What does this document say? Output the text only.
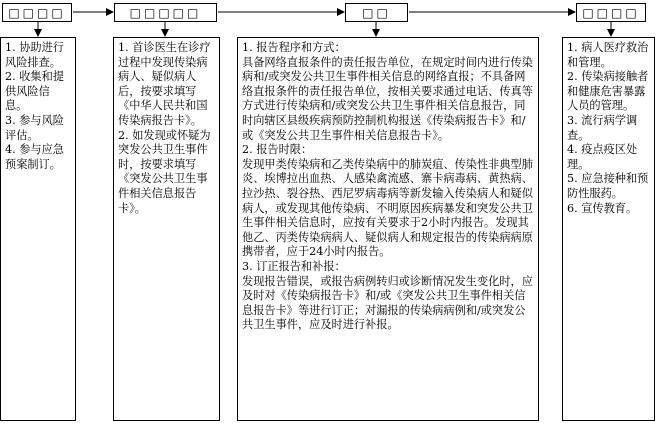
□□□□	□□□□□	□□	□□□□
1. 协助进行风险排查。
2. 收集和提供风险信息。
3. 参与风险评估。
4. 参与应急预案制订。
1. 首诊医生在诊疗过程中发现传染病病人、疑似病人后，按要求填写《中华人民共和国传染病报告卡》。
2. 如发现或怀疑为突发公共卫生事件时，按要求填写《突发公共卫生事件相关信息报告卡》。
1. 报告程序和方式：
具备网络直报条件的责任报告单位，在规定时间内进行传染病和/或突发公共卫生事件相关信息的网络直报；不具备网络直报条件的责任报告单位，按相关要求通过电话、传真等方式进行传染病和/或突发公共卫生事件相关信息报告，同时向辖区县级疾病预防控制机构报送《传染病报告卡》和/或《突发公共卫生事件相关信息报告卡》。
2. 报告时限：
发现甲类传染病和乙类传染病中的肺炭疽、传染性非典型肺炎、埃博拉出血热、人感染禽流感、寨卡病毒病、黄热病、拉沙热、裂谷热、西尼罗病毒病等新发输入传染病人和疑似病人，或发现其他传染病、不明原因疾病暴发和突发公共卫生事件相关信息时，应按有关要求于2小时内报告。发现其他乙、丙类传染病病人、疑似病人和规定报告的传染病病原携带者，应于24小时内报告。
3. 订正报告和补报：
发现报告错误，或报告病例转归或诊断情况发生变化时，应及时对《传染病报告卡》和/或《突发公共卫生事件相关信息报告卡》等进行订正；对漏报的传染病病例和/或突发公共卫生事件，应及时进行补报。
1. 病人医疗救治和管理。
2. 传染病接触者和健康危害暴露人员的管理。
3. 流行病学调查。
4. 疫点疫区处理。
5. 应急接种和预防性服药。
6. 宣传教育。
